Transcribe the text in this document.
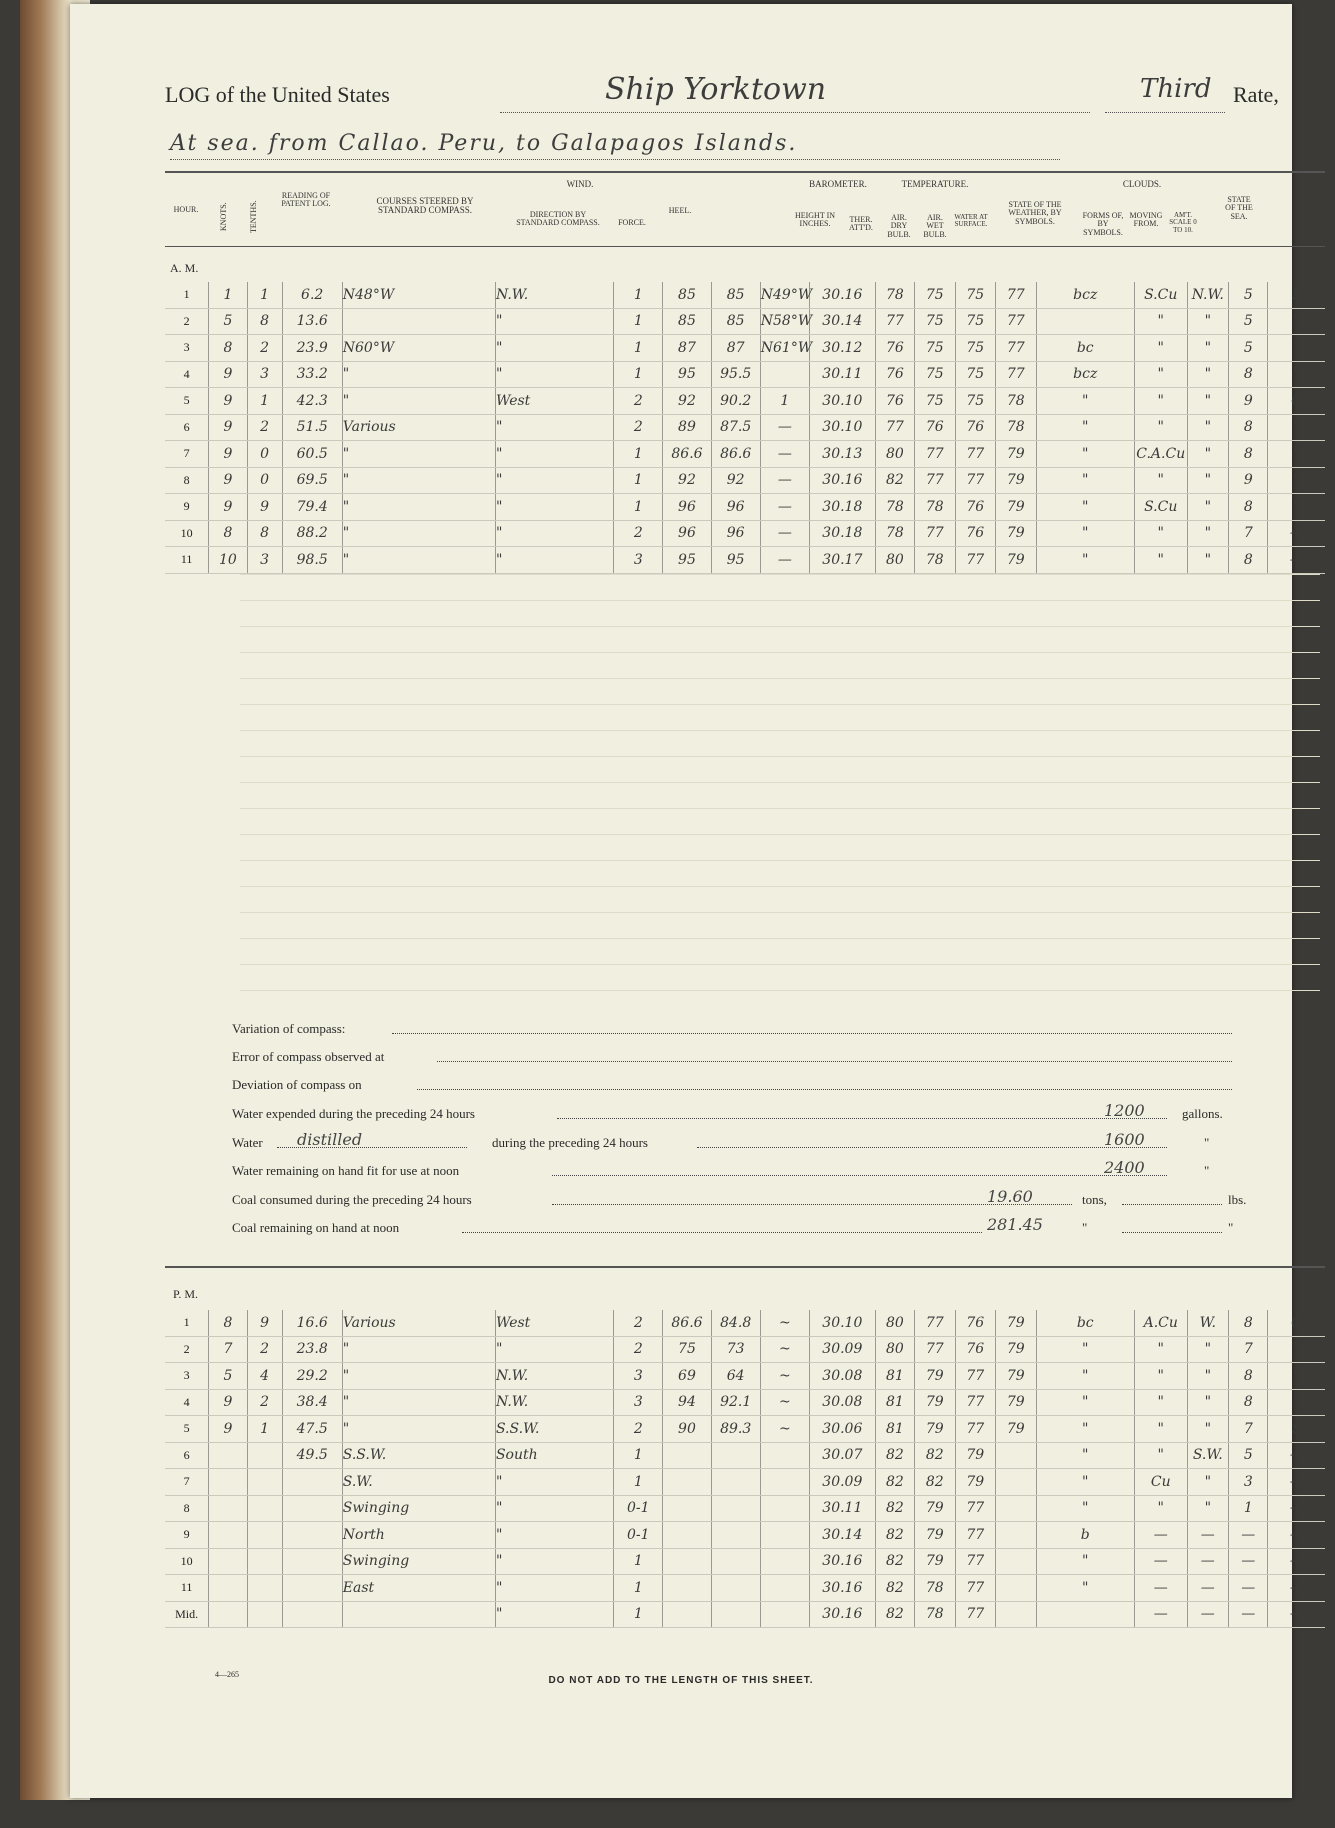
LOG of the United States	Ship Yorktown	Third Rate,
At sea. from Callao. Peru, to Galapagos Islands.
HOUR.	KNOTS.	TENTHS.
READING OF PATENT LOG.	COURSES STEERED BY STANDARD COMPASS.
WIND.
DIRECTION BY STANDARD COMPASS.	FORCE.
HEEL.
BAROMETER.
HEIGHT IN INCHES.	THER. ATT'D.
TEMPERATURE.
AIR. DRY BULB.
AIR. WET BULB.
WATER AT SURFACE.
STATE OF THE WEATHER, BY SYMBOLS.
CLOUDS.
FORMS OF, BY SYMBOLS.
MOVING FROM.
AM'T. SCALE 0 TO 10.
STATE OF THE SEA.
A. M.
1	1	1	6.2	N48°W	N.W.	1	85	85	N49°W	30.16	78	75	75	77	bcz	S.Cu	N.W.	5	L
2	5	8	13.6		"	1	85	85	N58°W	30.14	77	75	75	77		"	"	5	"
3	8	2	23.9	N60°W	"	1	87	87	N61°W	30.12	76	75	75	77	bc	"	"	5	"
4	9	3	33.2	"	"	1	95	95.5		30.11	76	75	75	77	bcz	"	"	8	"
5	9	1	42.3	"	West	2	92	90.2	1	30.10	76	75	75	78	"	"	"	9	G
6	9	2	51.5	Various	"	2	89	87.5	—	30.10	77	76	76	78	"	"	"	8	"
7	9	0	60.5	"	"	1	86.6	86.6	—	30.13	80	77	77	79	"	C.A.Cu	"	8	"
8	9	0	69.5	"	"	1	92	92	—	30.16	82	77	77	79	"	"	"	9	"
9	9	9	79.4	"	"	1	96	96	—	30.18	78	78	76	79	"	S.Cu	"	8	"
10	8	8	88.2	"	"	2	96	96	—	30.18	78	77	76	79	"	"	"	7	—
11	10	3	98.5	"	"	3	95	95	—	30.17	80	78	77	79	"	"	"	8	—
Variation of compass:
Error of compass observed at
Deviation of compass on
Water expended during the preceding 24 hours	1200	gallons.
Water distilled	during the preceding 24 hours	1600	"
Water remaining on hand fit for use at noon	2400	"
Coal consumed during the preceding 24 hours	19.60	tons,	lbs.
Coal remaining on hand at noon	281.45	"	"
P. M.
1	8	9	16.6	Various	West	2	86.6	84.8	~	30.10	80	77	76	79	bc	A.Cu	W.	8	G
2	7	2	23.8	"	"	2	75	73	~	30.09	80	77	76	79	"	"	"	7	"
3	5	4	29.2	"	N.W.	3	69	64	~	30.08	81	79	77	79	"	"	"	8	"
4	9	2	38.4	"	N.W.	3	94	92.1	~	30.08	81	79	77	79	"	"	"	8	"
5	9	1	47.5	"	S.S.W.	2	90	89.3	~	30.06	81	79	77	79	"	"	"	7	S
6			49.5	S.S.W.	South	1				30.07	82	82	79		"	"	S.W.	5	—
7				S.W.	"	1				30.09	82	82	79		"	Cu	"	3	—
8				Swinging	"	0-1				30.11	82	79	77		"	"	"	1	—
9				North	"	0-1				30.14	82	79	77		b	—	—	—	—
10				Swinging	"	1				30.16	82	79	77		"	—	—	—	—
11				East	"	1				30.16	82	78	77		"	—	—	—	—
Mid.					"	1				30.16	82	78	77			—	—	—	—
4—265
DO NOT ADD TO THE LENGTH OF THIS SHEET.
